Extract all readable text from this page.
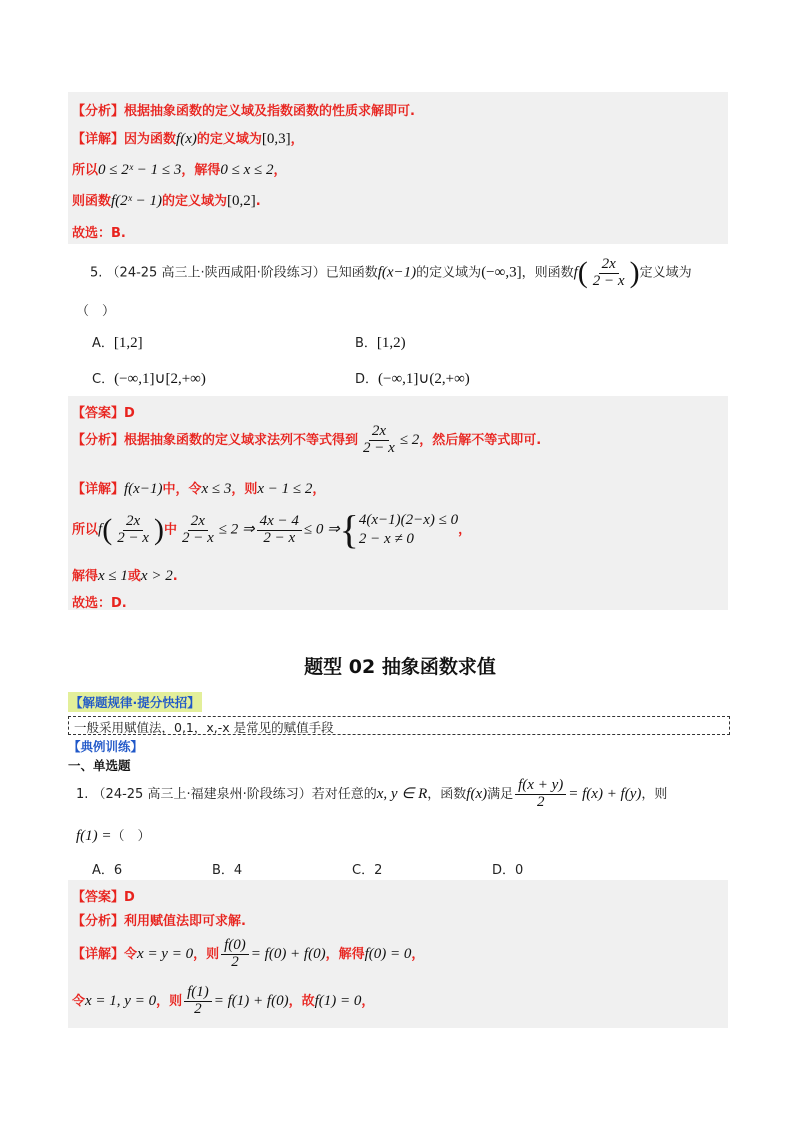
【分析】根据抽象函数的定义域及指数函数的性质求解即可.
【详解】因为函数f(x)的定义域为[0,3]，
所以0 ≤ 2ˣ − 1 ≤ 3，解得0 ≤ x ≤ 2，
则函数f(2ˣ − 1)的定义域为[0,2].
故选：B.
5. （24-25 高三上·陕西咸阳·阶段练习）已知函数f(x−1)的定义域为(−∞,3]，则函数$f( \frac{2x}{2 - x}$ )定义域为
（　）
A．[1,2]	B．[1,2)
C．(−∞,1]∪[2,+∞)	D．(−∞,1]∪(2,+∞)
【答案】D
【分析】根据抽象函数的定义域求法列不等式得到 $\frac{2x}{2 - x} \le 2$，然后解不等式即可.
【详解】f(x−1)中，令x ≤ 3，则x − 1 ≤ 2，
所以$f( \frac{2x}{2 - x}$ )中 $\frac{2x}{2 - x} \le 2$ ⇒ $\frac{4x - 4}{2 - x} \le 0$ ⇒ { 4(x−1)(2−x) ≤ 0
2 − x ≠ 0
，
解得x ≤ 1或x > 2.
故选：D.
题型 02 抽象函数求值
【解题规律·提分快招】
一般采用赋值法，0,1，x,-x 是常见的赋值手段
【典例训练】
一、单选题
1. （24-25 高三上·福建泉州·阶段练习）若对任意的x, y ∈ R，函数f(x)满足 $\frac{f(x + y)}{2} = f(x) + f(y)$，则
f(1) =（　）
A．6	B．4	C．2	D．0
【答案】D
【分析】利用赋值法即可求解.
【详解】令x = y = 0，则 $\frac{f(0)}{2} = f(0) + f(0)$，解得f(0) = 0，
令x = 1, y = 0，则 $\frac{f(1)}{2} = f(1) + f(0)$，故f(1) = 0，
